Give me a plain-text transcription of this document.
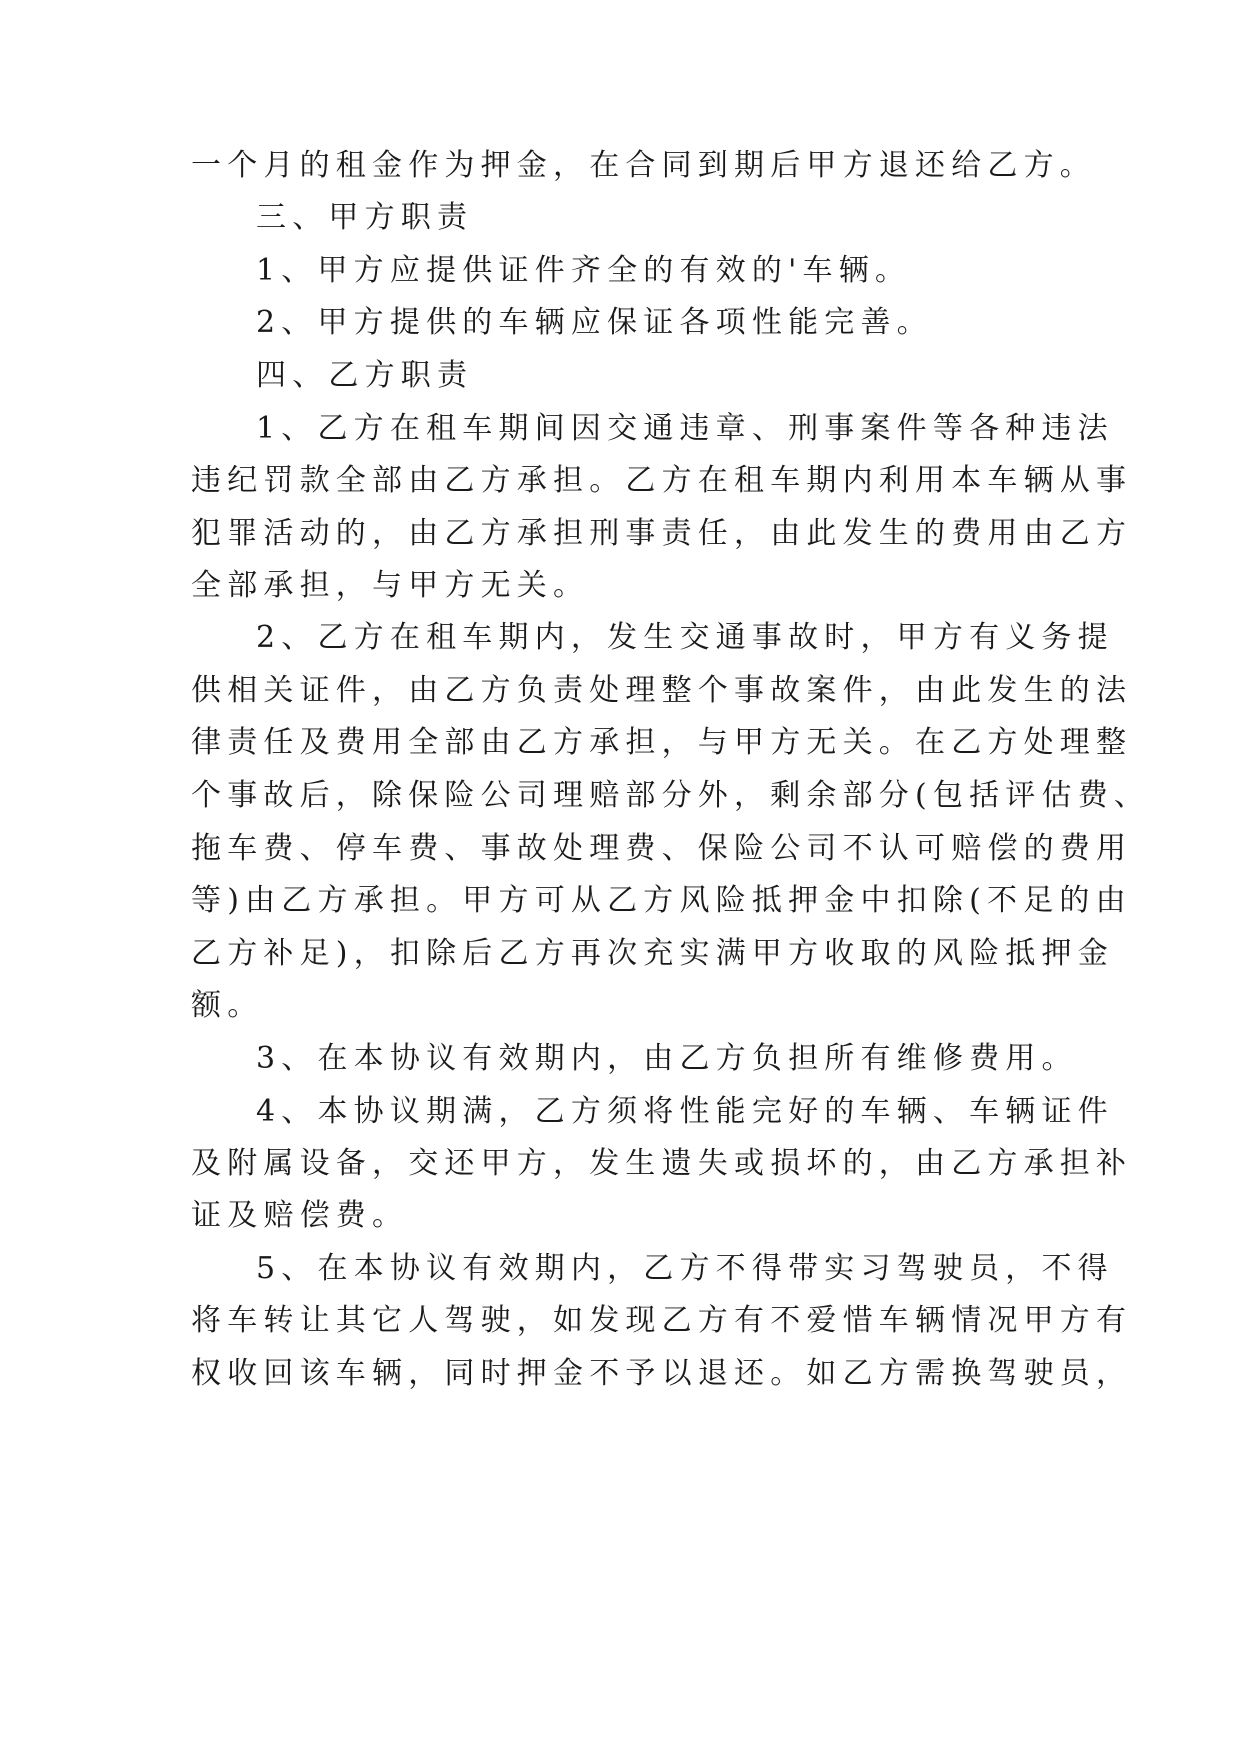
一个月的租金作为押金，在合同到期后甲方退还给乙方。

三、甲方职责

1、甲方应提供证件齐全的有效的'车辆。

2、甲方提供的车辆应保证各项性能完善。

四、乙方职责

1、乙方在租车期间因交通违章、刑事案件等各种违法

违纪罚款全部由乙方承担。乙方在租车期内利用本车辆从事

犯罪活动的，由乙方承担刑事责任，由此发生的费用由乙方

全部承担，与甲方无关。

2、乙方在租车期内，发生交通事故时，甲方有义务提

供相关证件，由乙方负责处理整个事故案件，由此发生的法

律责任及费用全部由乙方承担，与甲方无关。在乙方处理整

个事故后，除保险公司理赔部分外，剩余部分(包括评估费、

拖车费、停车费、事故处理费、保险公司不认可赔偿的费用

等)由乙方承担。甲方可从乙方风险抵押金中扣除(不足的由

乙方补足)，扣除后乙方再次充实满甲方收取的风险抵押金

额。

3、在本协议有效期内，由乙方负担所有维修费用。

4、本协议期满，乙方须将性能完好的车辆、车辆证件

及附属设备，交还甲方，发生遗失或损坏的，由乙方承担补

证及赔偿费。

5、在本协议有效期内，乙方不得带实习驾驶员，不得

将车转让其它人驾驶，如发现乙方有不爱惜车辆情况甲方有

权收回该车辆，同时押金不予以退还。如乙方需换驾驶员，
